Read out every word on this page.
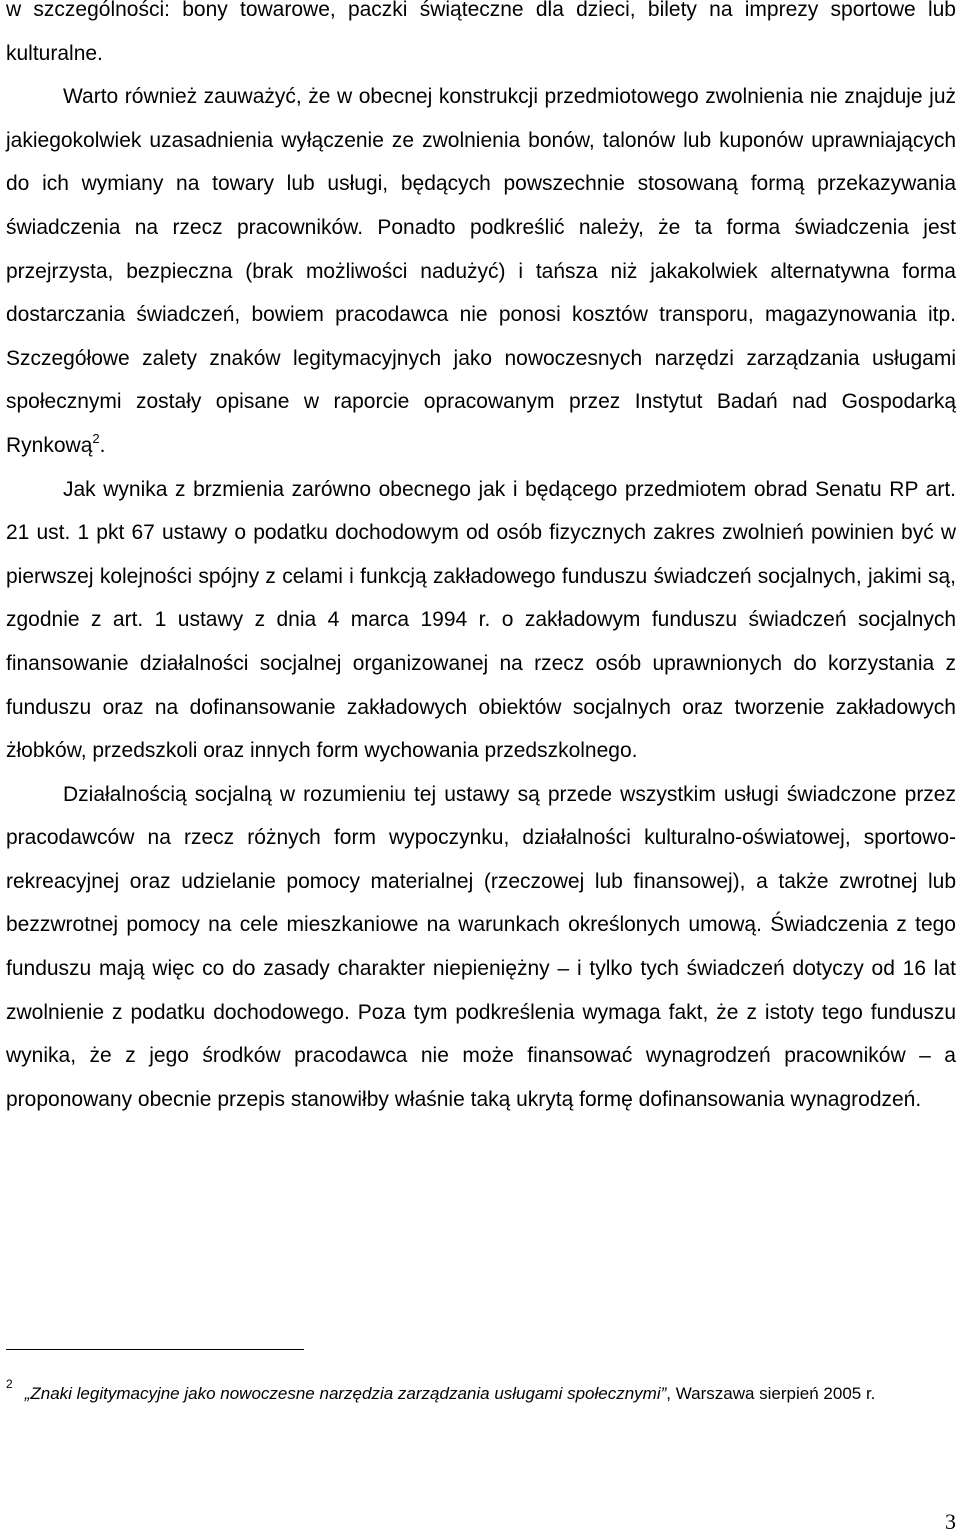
w szczególności: bony towarowe, paczki świąteczne dla dzieci, bilety na imprezy sportowe lub kulturalne.

Warto również zauważyć, że w obecnej konstrukcji przedmiotowego zwolnienia nie znajduje już jakiegokolwiek uzasadnienia wyłączenie ze zwolnienia bonów, talonów lub kuponów uprawniających do ich wymiany na towary lub usługi, będących powszechnie stosowaną formą przekazywania świadczenia na rzecz pracowników. Ponadto podkreślić należy, że ta forma świadczenia jest przejrzysta, bezpieczna (brak możliwości nadużyć) i tańsza niż jakakolwiek alternatywna forma dostarczania świadczeń, bowiem pracodawca nie ponosi kosztów transporu, magazynowania itp. Szczegółowe zalety znaków legitymacyjnych jako nowoczesnych narzędzi zarządzania usługami społecznymi zostały opisane w raporcie opracowanym przez Instytut Badań nad Gospodarką Rynkową$^2$.

Jak wynika z brzmienia zarówno obecnego jak i będącego przedmiotem obrad Senatu RP art. 21 ust. 1 pkt 67 ustawy o podatku dochodowym od osób fizycznych zakres zwolnień powinien być w pierwszej kolejności spójny z celami i funkcją zakładowego funduszu świadczeń socjalnych, jakimi są, zgodnie z art. 1 ustawy z dnia 4 marca 1994 r. o zakładowym funduszu świadczeń socjalnych finansowanie działalności socjalnej organizowanej na rzecz osób uprawnionych do korzystania z funduszu oraz na dofinansowanie zakładowych obiektów socjalnych oraz tworzenie zakładowych żłobków, przedszkoli oraz innych form wychowania przedszkolnego.

Działalnością socjalną w rozumieniu tej ustawy są przede wszystkim usługi świadczone przez pracodawców na rzecz różnych form wypoczynku, działalności kulturalno-oświatowej, sportowo-rekreacyjnej oraz udzielanie pomocy materialnej (rzeczowej lub finansowej), a także zwrotnej lub bezzwrotnej pomocy na cele mieszkaniowe na warunkach określonych umową. Świadczenia z tego funduszu mają więc co do zasady charakter niepieniężny – i tylko tych świadczeń dotyczy od 16 lat zwolnienie z podatku dochodowego. Poza tym podkreślenia wymaga fakt, że z istoty tego funduszu wynika, że z jego środków pracodawca nie może finansować wynagrodzeń pracowników – a proponowany obecnie przepis stanowiłby właśnie taką ukrytą formę dofinansowania wynagrodzeń.

$^2$ „Znaki legitymacyjne jako nowoczesne narzędzia zarządzania usługami społecznymi”, Warszawa sierpień 2005 r.

3
